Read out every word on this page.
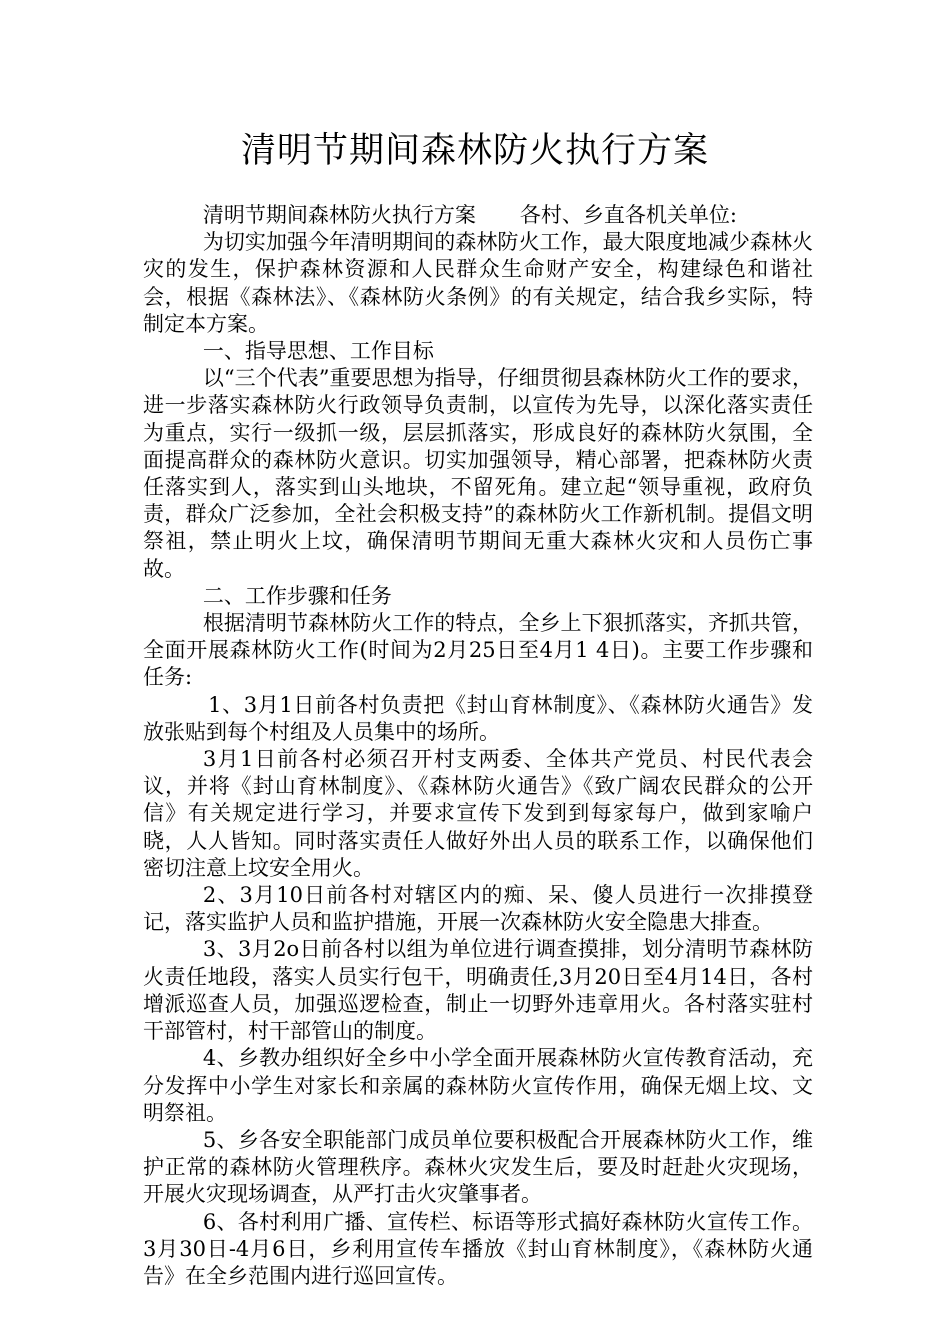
清明节期间森林防火执行方案

清明节期间森林防火执行方案 各村、乡直各机关单位:

为切实加强今年清明期间的森林防火工作，最大限度地减少森林火灾的发生，保护森林资源和人民群众生命财产安全，构建绿色和谐社会，根据《森林法》、《森林防火条例》的有关规定，结合我乡实际，特制定本方案。

一、指导思想、工作目标

以“三个代表”重要思想为指导，仔细贯彻县森林防火工作的要求，进一步落实森林防火行政领导负责制，以宣传为先导，以深化落实责任为重点，实行一级抓一级，层层抓落实，形成良好的森林防火氛围，全面提高群众的森林防火意识。切实加强领导，精心部署，把森林防火责任落实到人，落实到山头地块，不留死角。建立起“领导重视，政府负责，群众广泛参加，全社会积极支持”的森林防火工作新机制。提倡文明祭祖，禁止明火上坟，确保清明节期间无重大森林火灾和人员伤亡事故。

二、工作步骤和任务

根据清明节森林防火工作的特点，全乡上下狠抓落实，齐抓共管，全面开展森林防火工作(时间为2月25日至4月1 4日)。主要工作步骤和任务:

1、3月1日前各村负责把《封山育林制度》、《森林防火通告》发放张贴到每个村组及人员集中的场所。

3月1日前各村必须召开村支两委、全体共产党员、村民代表会议，并将《封山育林制度》、《森林防火通告》《致广阔农民群众的公开信》有关规定进行学习，并要求宣传下发到到每家每户，做到家喻户晓，人人皆知。同时落实责任人做好外出人员的联系工作，以确保他们密切注意上坟安全用火。

2、3月10日前各村对辖区内的痴、呆、傻人员进行一次排摸登记，落实监护人员和监护措施，开展一次森林防火安全隐患大排查。

3、3月2o日前各村以组为单位进行调查摸排，划分清明节森林防火责任地段，落实人员实行包干，明确责任,3月20日至4月14日，各村增派巡查人员，加强巡逻检查，制止一切野外违章用火。各村落实驻村干部管村，村干部管山的制度。

4、乡教办组织好全乡中小学全面开展森林防火宣传教育活动，充分发挥中小学生对家长和亲属的森林防火宣传作用，确保无烟上坟、文明祭祖。

5、乡各安全职能部门成员单位要积极配合开展森林防火工作，维护正常的森林防火管理秩序。森林火灾发生后，要及时赶赴火灾现场，开展火灾现场调查，从严打击火灾肇事者。

6、各村利用广播、宣传栏、标语等形式搞好森林防火宣传工作。3月30日-4月6日，乡利用宣传车播放《封山育林制度》，《森林防火通告》在全乡范围内进行巡回宣传。
